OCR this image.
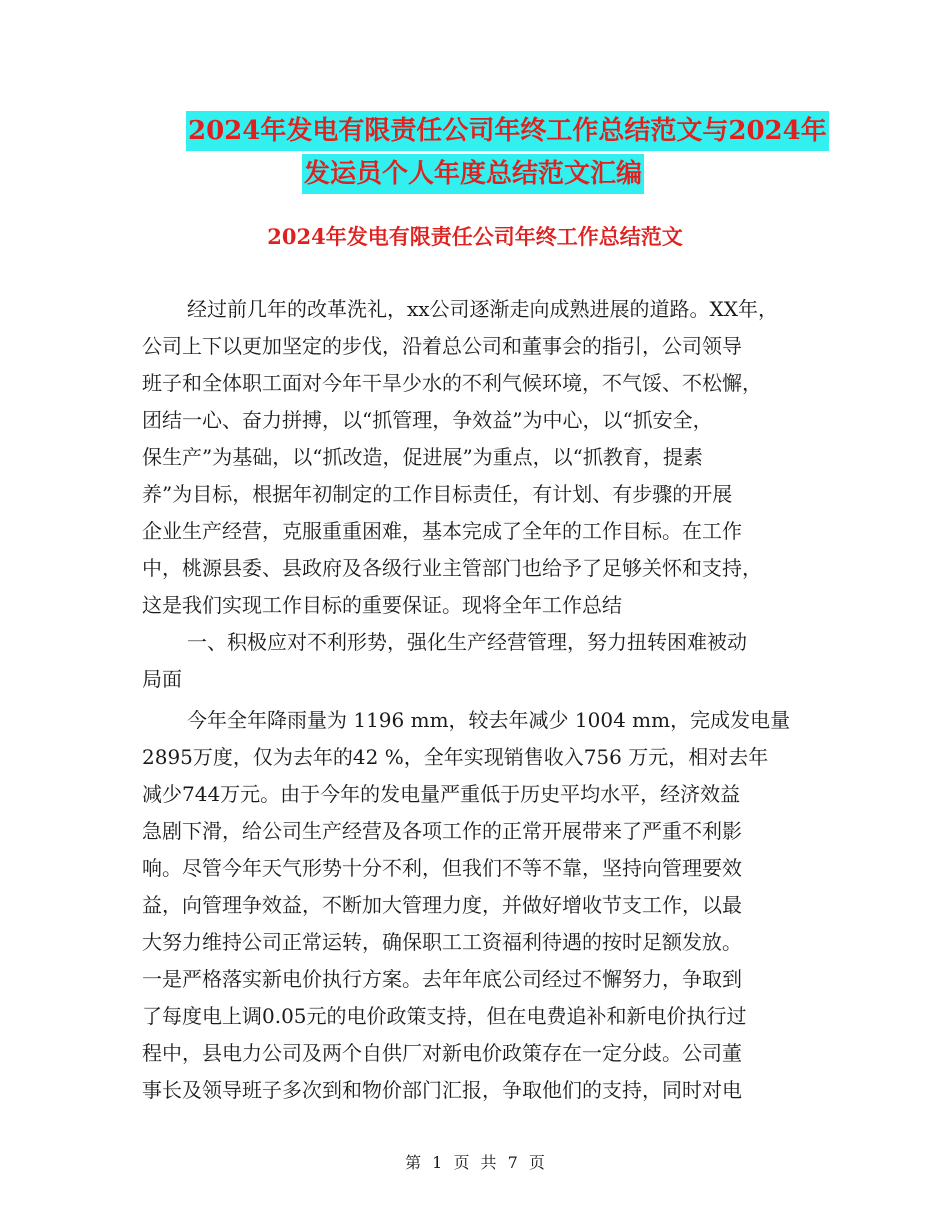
2024年发电有限责任公司年终工作总结范文与2024年
发运员个人年度总结范文汇编
2024年发电有限责任公司年终工作总结范文
经过前几年的改革洗礼，xx公司逐渐走向成熟进展的道路。XX年，
公司上下以更加坚定的步伐，沿着总公司和董事会的指引，公司领导
班子和全体职工面对今年干旱少水的不利气候环境，不气馁、不松懈，
团结一心、奋力拼搏，以“抓管理，争效益”为中心，以“抓安全，
保生产”为基础，以“抓改造，促进展”为重点，以“抓教育，提素
养”为目标，根据年初制定的工作目标责任，有计划、有步骤的开展
企业生产经营，克服重重困难，基本完成了全年的工作目标。在工作
中，桃源县委、县政府及各级行业主管部门也给予了足够关怀和支持，
这是我们实现工作目标的重要保证。现将全年工作总结
一、积极应对不利形势，强化生产经营管理，努力扭转困难被动
局面
今年全年降雨量为 1196 mm，较去年减少 1004 mm，完成发电量
2895万度，仅为去年的42 %，全年实现销售收入756 万元，相对去年
减少744万元。由于今年的发电量严重低于历史平均水平，经济效益
急剧下滑，给公司生产经营及各项工作的正常开展带来了严重不利影
响。尽管今年天气形势十分不利，但我们不等不靠，坚持向管理要效
益，向管理争效益，不断加大管理力度，并做好增收节支工作，以最
大努力维持公司正常运转，确保职工工资福利待遇的按时足额发放。
一是严格落实新电价执行方案。去年年底公司经过不懈努力，争取到
了每度电上调0.05元的电价政策支持，但在电费追补和新电价执行过
程中，县电力公司及两个自供厂对新电价政策存在一定分歧。公司董
事长及领导班子多次到和物价部门汇报，争取他们的支持，同时对电
第 1 页 共 7 页
